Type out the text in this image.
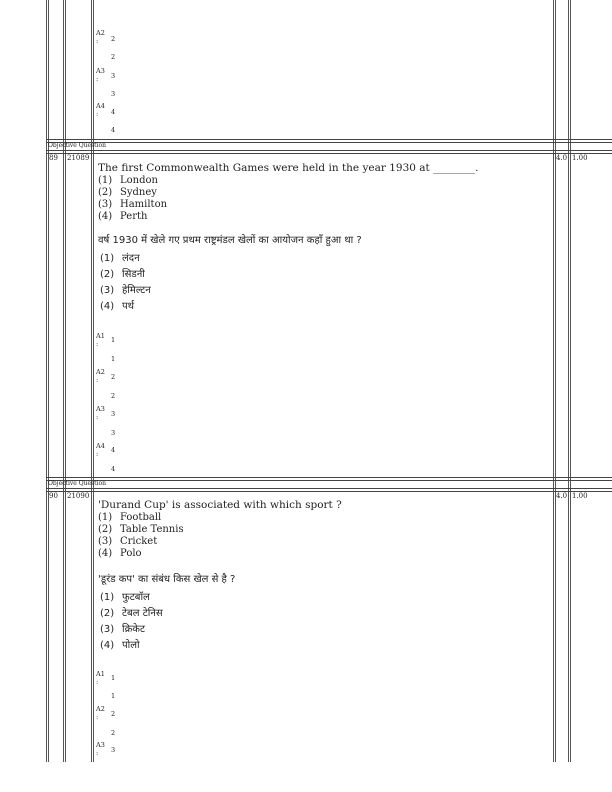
A2
: 2
2
A3
: 3
3
A4
: 4
4
Objective Question
89 21089	4.0 1.00
The first Commonwealth Games were held in the year 1930 at ________.
(1) London
(2) Sydney
(3) Hamilton
(4) Perth
वर्ष 1930 में खेले गए प्रथम राष्ट्रमंडल खेलों का आयोजन कहाँ हुआ था ?
(1) लंदन
(2) सिडनी
(3) हेमिल्टन
(4) पर्थ
A1
: 1
1
A2
: 2
2
A3
: 3
3
A4
: 4
4
Objective Question
90 21090	4.0 1.00
'Durand Cup' is associated with which sport ?
(1) Football
(2) Table Tennis
(3) Cricket
(4) Polo
'डूरंड कप' का संबंध किस खेल से है ?
(1) फुटबॉल
(2) टेबल टेनिस
(3) क्रिकेट
(4) पोलो
A1
: 1
1
A2
: 2
2
A3
: 3
